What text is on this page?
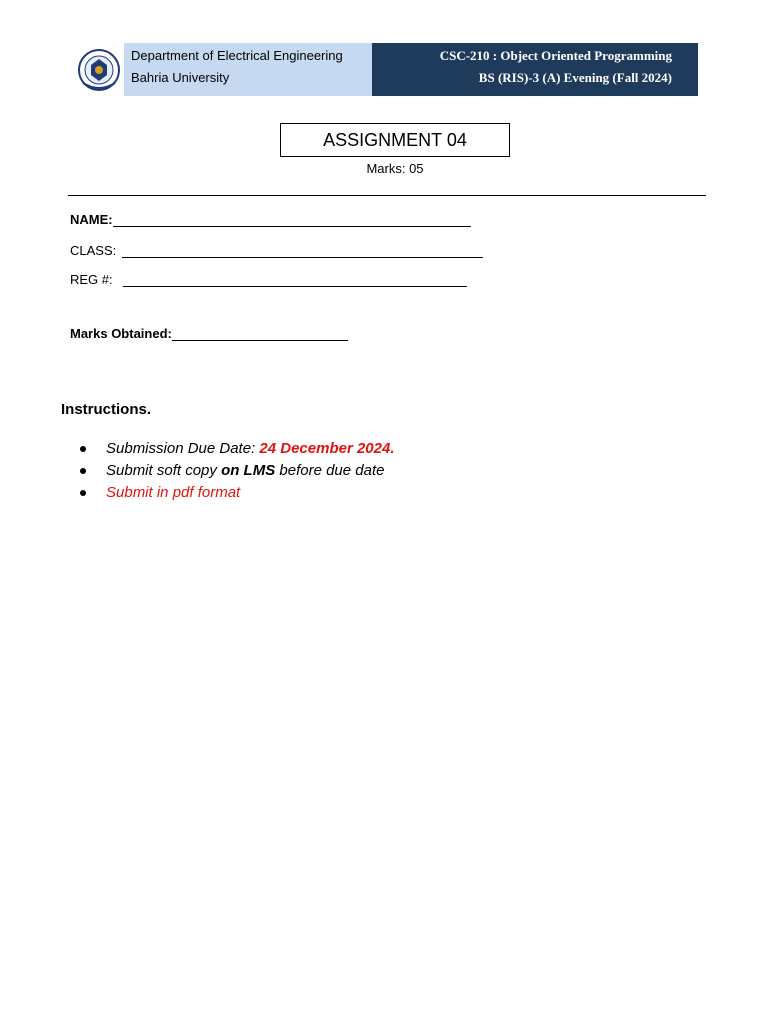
Department of Electrical Engineering
Bahria University
CSC-210 : Object Oriented Programming
BS (RIS)-3 (A) Evening (Fall 2024)
ASSIGNMENT 04
Marks: 05
NAME:
CLASS:
REG #:
Marks Obtained:
Instructions.
Submission Due Date: 24 December 2024.
Submit soft copy on LMS before due date
Submit in pdf format
